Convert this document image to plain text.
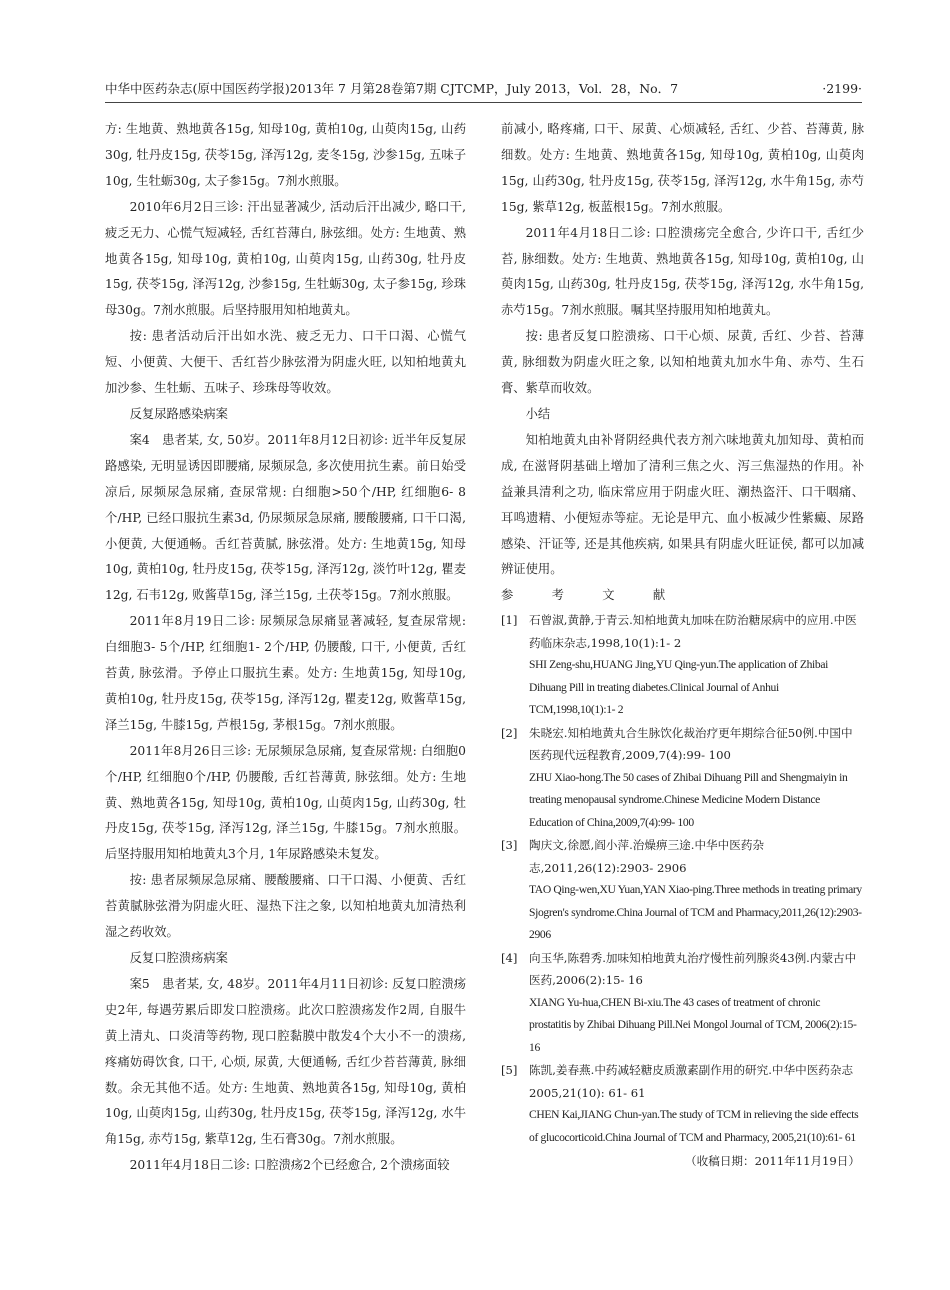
中华中医药杂志(原中国医药学报)2013年 7 月第28卷第7期 CJTCMP，July 2013，Vol．28，No．7	·2199·

方: 生地黄、熟地黄各15g, 知母10g, 黄柏10g, 山萸肉15g, 山药30g, 牡丹皮15g, 茯苓15g, 泽泻12g, 麦冬15g, 沙参15g, 五味子10g, 生牡蛎30g, 太子参15g。7剂水煎服。

2010年6月2日三诊: 汗出显著减少, 活动后汗出减少, 略口干, 疲乏无力、心慌气短减轻, 舌红苔薄白, 脉弦细。处方: 生地黄、熟地黄各15g, 知母10g, 黄柏10g, 山萸肉15g, 山药30g, 牡丹皮15g, 茯苓15g, 泽泻12g, 沙参15g, 生牡蛎30g, 太子参15g, 珍珠母30g。7剂水煎服。后坚持服用知柏地黄丸。

按: 患者活动后汗出如水洗、疲乏无力、口干口渴、心慌气短、小便黄、大便干、舌红苔少脉弦滑为阴虚火旺, 以知柏地黄丸加沙参、生牡蛎、五味子、珍珠母等收效。

反复尿路感染病案

案4　患者某, 女, 50岁。2011年8月12日初诊: 近半年反复尿路感染, 无明显诱因即腰痛, 尿频尿急, 多次使用抗生素。前日始受凉后, 尿频尿急尿痛, 查尿常规: 白细胞>50个/HP, 红细胞6- 8个/HP, 已经口服抗生素3d, 仍尿频尿急尿痛, 腰酸腰痛, 口干口渴, 小便黄, 大便通畅。舌红苔黄腻, 脉弦滑。处方: 生地黄15g, 知母10g, 黄柏10g, 牡丹皮15g, 茯苓15g, 泽泻12g, 淡竹叶12g, 瞿麦12g, 石韦12g, 败酱草15g, 泽兰15g, 土茯苓15g。7剂水煎服。

2011年8月19日二诊: 尿频尿急尿痛显著减轻, 复查尿常规: 白细胞3- 5个/HP, 红细胞1- 2个/HP, 仍腰酸, 口干, 小便黄, 舌红苔黄, 脉弦滑。予停止口服抗生素。处方: 生地黄15g, 知母10g, 黄柏10g, 牡丹皮15g, 茯苓15g, 泽泻12g, 瞿麦12g, 败酱草15g, 泽兰15g, 牛膝15g, 芦根15g, 茅根15g。7剂水煎服。

2011年8月26日三诊: 无尿频尿急尿痛, 复查尿常规: 白细胞0个/HP, 红细胞0个/HP, 仍腰酸, 舌红苔薄黄, 脉弦细。处方: 生地黄、熟地黄各15g, 知母10g, 黄柏10g, 山萸肉15g, 山药30g, 牡丹皮15g, 茯苓15g, 泽泻12g, 泽兰15g, 牛膝15g。7剂水煎服。后坚持服用知柏地黄丸3个月, 1年尿路感染未复发。

按: 患者尿频尿急尿痛、腰酸腰痛、口干口渴、小便黄、舌红苔黄腻脉弦滑为阴虚火旺、湿热下注之象, 以知柏地黄丸加清热利湿之药收效。

反复口腔溃疡病案

案5　患者某, 女, 48岁。2011年4月11日初诊: 反复口腔溃疡史2年, 每遇劳累后即发口腔溃疡。此次口腔溃疡发作2周, 自服牛黄上清丸、口炎清等药物, 现口腔黏膜中散发4个大小不一的溃疡, 疼痛妨碍饮食, 口干, 心烦, 尿黄, 大便通畅, 舌红少苔苔薄黄, 脉细数。余无其他不适。处方: 生地黄、熟地黄各15g, 知母10g, 黄柏10g, 山萸肉15g, 山药30g, 牡丹皮15g, 茯苓15g, 泽泻12g, 水牛角15g, 赤芍15g, 紫草12g, 生石膏30g。7剂水煎服。

2011年4月18日二诊: 口腔溃疡2个已经愈合, 2个溃疡面较

前减小, 略疼痛, 口干、尿黄、心烦减轻, 舌红、少苔、苔薄黄, 脉细数。处方: 生地黄、熟地黄各15g, 知母10g, 黄柏10g, 山萸肉15g, 山药30g, 牡丹皮15g, 茯苓15g, 泽泻12g, 水牛角15g, 赤芍15g, 紫草12g, 板蓝根15g。7剂水煎服。

2011年4月18日二诊: 口腔溃疡完全愈合, 少许口干, 舌红少苔, 脉细数。处方: 生地黄、熟地黄各15g, 知母10g, 黄柏10g, 山萸肉15g, 山药30g, 牡丹皮15g, 茯苓15g, 泽泻12g, 水牛角15g, 赤芍15g。7剂水煎服。嘱其坚持服用知柏地黄丸。

按: 患者反复口腔溃疡、口干心烦、尿黄, 舌红、少苔、苔薄黄, 脉细数为阴虚火旺之象, 以知柏地黄丸加水牛角、赤芍、生石膏、紫草而收效。

小结

知柏地黄丸由补肾阴经典代表方剂六味地黄丸加知母、黄柏而成, 在滋肾阴基础上增加了清利三焦之火、泻三焦湿热的作用。补益兼具清利之功, 临床常应用于阴虚火旺、潮热盗汗、口干咽痛、耳鸣遗精、小便短赤等症。无论是甲亢、血小板减少性紫癜、尿路感染、汗证等, 还是其他疾病, 如果具有阴虚火旺证侯, 都可以加减辨证使用。

参 考 文 献

[1] 石曾淑,黄静,于青云.知柏地黄丸加味在防治糖尿病中的应用.中医药临床杂志,1998,10(1):1- 2
SHI Zeng-shu,HUANG Jing,YU Qing-yun.The application of Zhibai Dihuang Pill in treating diabetes.Clinical Journal of Anhui TCM,1998,10(1):1- 2
[2] 朱晓宏.知柏地黄丸合生脉饮化裁治疗更年期综合征50例.中国中医药现代远程教育,2009,7(4):99- 100
ZHU Xiao-hong.The 50 cases of Zhibai Dihuang Pill and Shengmaiyin in treating menopausal syndrome.Chinese Medicine Modern Distance Education of China,2009,7(4):99- 100
[3] 陶庆文,徐愿,阎小萍.治燥痹三途.中华中医药杂志,2011,26(12):2903- 2906
TAO Qing-wen,XU Yuan,YAN Xiao-ping.Three methods in treating primary Sjogren's syndrome.China Journal of TCM and Pharmacy,2011,26(12):2903- 2906
[4] 向玉华,陈碧秀.加味知柏地黄丸治疗慢性前列腺炎43例.内蒙古中医药,2006(2):15- 16
XIANG Yu-hua,CHEN Bi-xiu.The 43 cases of treatment of chronic prostatitis by Zhibai Dihuang Pill.Nei Mongol Journal of TCM, 2006(2):15- 16
[5] 陈凯,姜春燕.中药减轻糖皮质激素副作用的研究.中华中医药杂志 2005,21(10): 61- 61
CHEN Kai,JIANG Chun-yan.The study of TCM in relieving the side effects of glucocorticoid.China Journal of TCM and Pharmacy, 2005,21(10):61- 61
（收稿日期：2011年11月19日）
